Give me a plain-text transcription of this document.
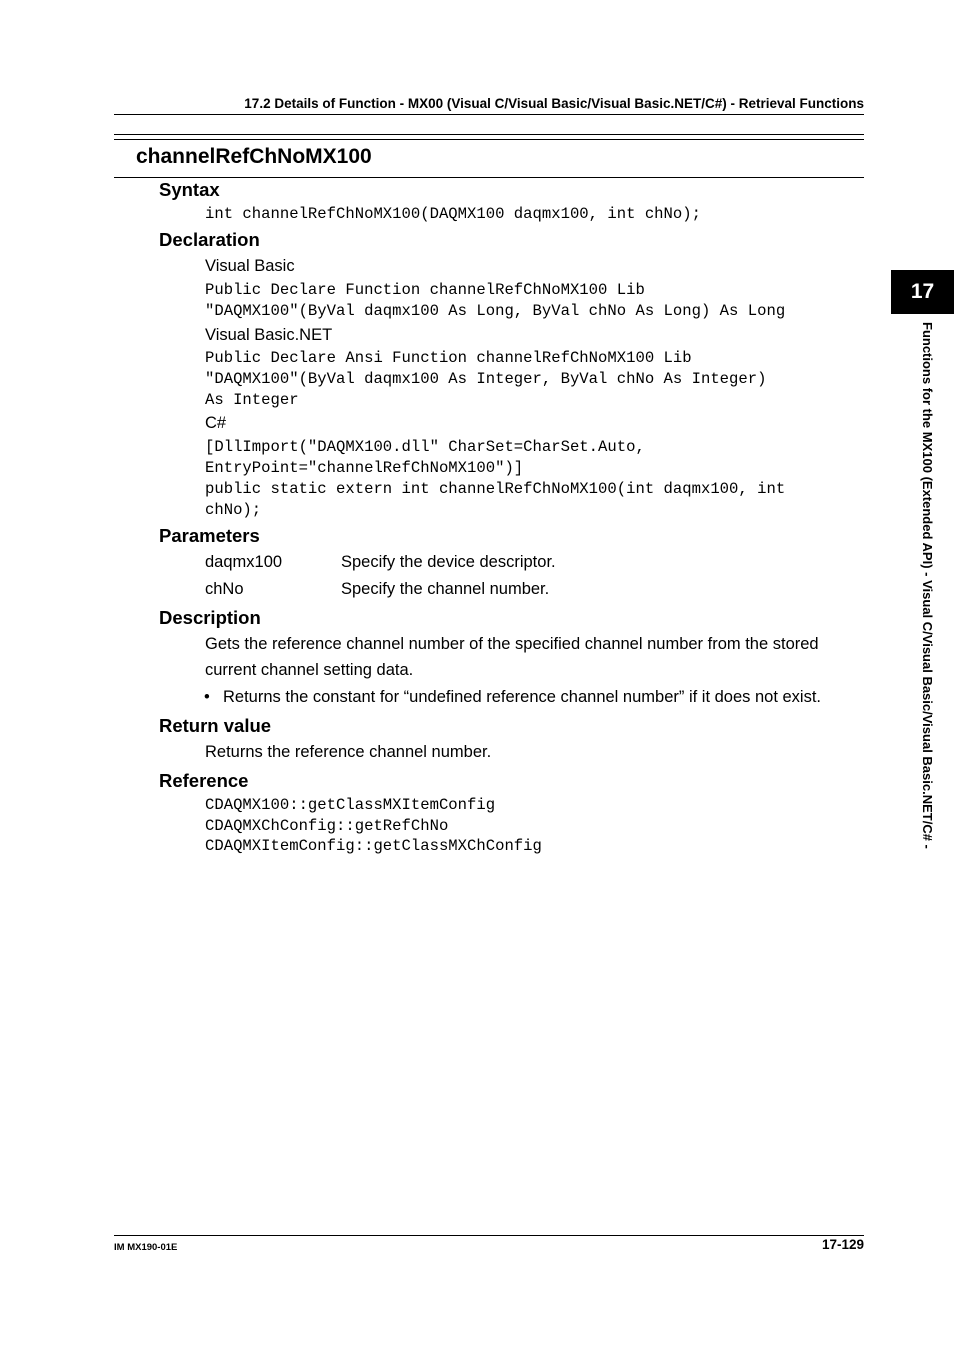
17.2 Details of Function - MX00 (Visual C/Visual Basic/Visual Basic.NET/C#) - Retrieval Functions
channelRefChNoMX100
Syntax
int channelRefChNoMX100(DAQMX100 daqmx100, int chNo);
Declaration
Visual Basic
Public Declare Function channelRefChNoMX100 Lib
"DAQMX100"(ByVal daqmx100 As Long, ByVal chNo As Long) As Long
Visual Basic.NET
Public Declare Ansi Function channelRefChNoMX100 Lib
"DAQMX100"(ByVal daqmx100 As Integer, ByVal chNo As Integer)
As Integer
C#
[DllImport("DAQMX100.dll" CharSet=CharSet.Auto,
EntryPoint="channelRefChNoMX100")]
public static extern int channelRefChNoMX100(int daqmx100, int
chNo);
Parameters
daqmx100	Specify the device descriptor.
chNo	Specify the channel number.
Description
Gets the reference channel number of the specified channel number from the stored
current channel setting data.
• Returns the constant for “undefined reference channel number” if it does not exist.
Return value
Returns the reference channel number.
Reference
CDAQMX100::getClassMXItemConfig
CDAQMXChConfig::getRefChNo
CDAQMXItemConfig::getClassMXChConfig
17
Functions for the MX100 (Extended API) - Visual C/Visual Basic/Visual Basic.NET/C# -
IM MX190-01E	17-129
